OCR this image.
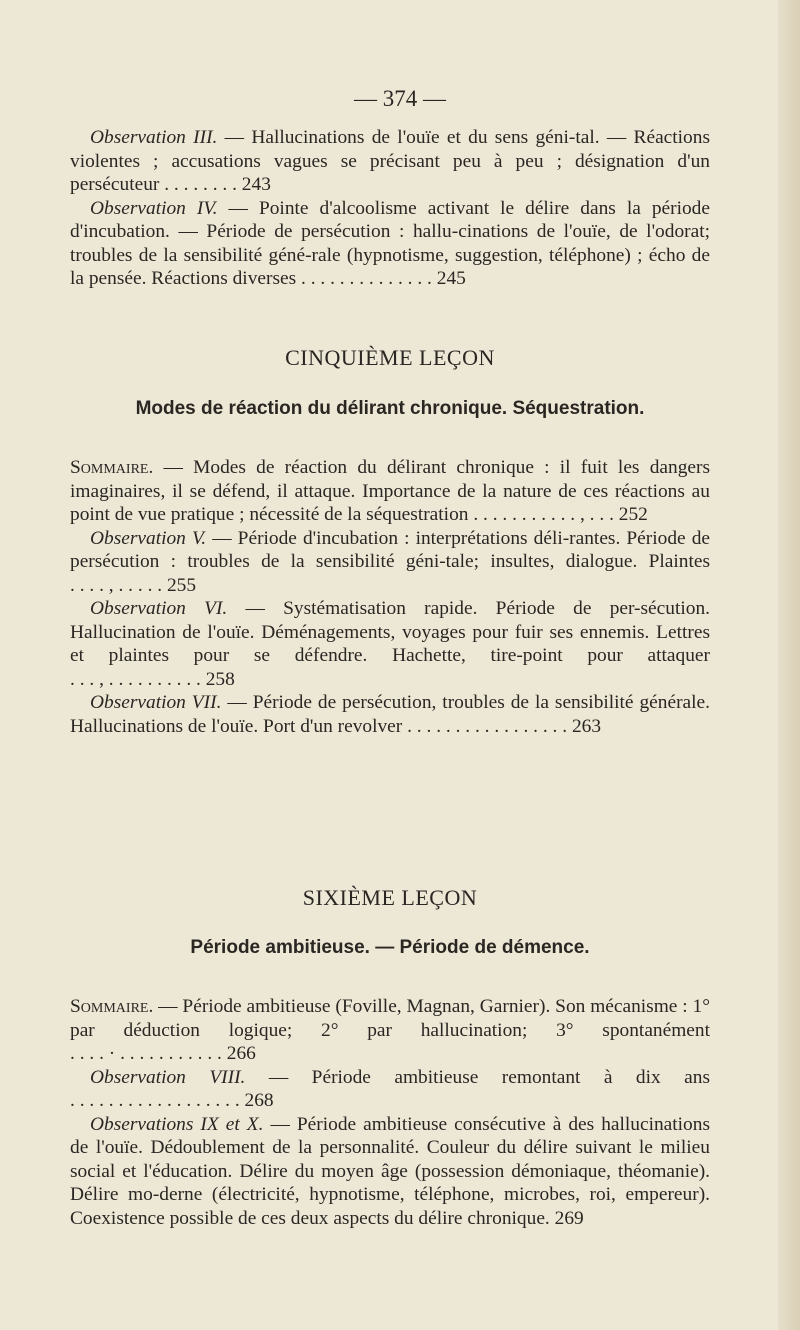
— 374 —

Observation III. — Hallucinations de l'ouïe et du sens géni-tal. — Réactions violentes ; accusations vagues se précisant peu à peu ; désignation d'un persécuteur . . . . . . . . 243

Observation IV. — Pointe d'alcoolisme activant le délire dans la période d'incubation. — Période de persécution : hallu-cinations de l'ouïe, de l'odorat; troubles de la sensibilité géné-rale (hypnotisme, suggestion, téléphone) ; écho de la pensée. Réactions diverses . . . . . . . . . . . . . . 245

CINQUIÈME LEÇON
Modes de réaction du délirant chronique. Séquestration.

Sommaire. — Modes de réaction du délirant chronique : il fuit les dangers imaginaires, il se défend, il attaque. Importance de la nature de ces réactions au point de vue pratique ; nécessité de la séquestration . . . . . . . . . . . , . . . 252

Observation V. — Période d'incubation : interprétations déli-rantes. Période de persécution : troubles de la sensibilité géni-tale; insultes, dialogue. Plaintes . . . . , . . . . . 255

Observation VI. — Systématisation rapide. Période de per-sécution. Hallucination de l'ouïe. Déménagements, voyages pour fuir ses ennemis. Lettres et plaintes pour se défendre. Hachette, tire-point pour attaquer . . . , . . . . . . . . . . 258

Observation VII. — Période de persécution, troubles de la sensibilité générale. Hallucinations de l'ouïe. Port d'un revolver . . . . . . . . . . . . . . . . . 263

SIXIÈME LEÇON
Période ambitieuse. — Période de démence.

Sommaire. — Période ambitieuse (Foville, Magnan, Garnier). Son mécanisme : 1° par déduction logique; 2° par hallucination; 3° spontanément . . . . · . . . . . . . . . . . 266

Observation VIII. — Période ambitieuse remontant à dix ans . . . . . . . . . . . . . . . . . . 268

Observations IX et X. — Période ambitieuse consécutive à des hallucinations de l'ouïe. Dédoublement de la personnalité. Couleur du délire suivant le milieu social et l'éducation. Délire du moyen âge (possession démoniaque, théomanie). Délire mo-derne (électricité, hypnotisme, téléphone, microbes, roi, empereur). Coexistence possible de ces deux aspects du délire chronique. 269
